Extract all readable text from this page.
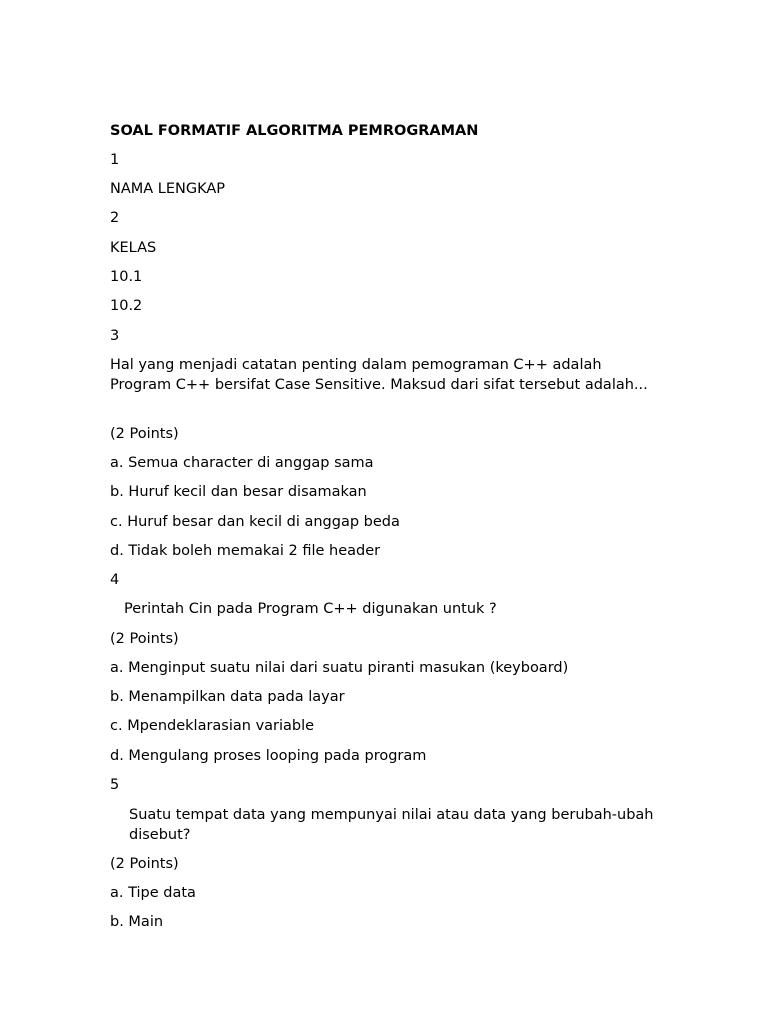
SOAL FORMATIF ALGORITMA PEMROGRAMAN
1
NAMA LENGKAP
2
KELAS
10.1
10.2
3
Hal yang menjadi catatan penting dalam pemograman C++ adalah Program C++ bersifat Case Sensitive. Maksud dari sifat tersebut adalah...
(2 Points)
a. Semua character di anggap sama
b. Huruf kecil dan besar disamakan
c. Huruf besar dan kecil di anggap beda
d. Tidak boleh memakai 2 file header
4
Perintah Cin pada Program C++ digunakan untuk ?
(2 Points)
a. Menginput suatu nilai dari suatu piranti masukan (keyboard)
b. Menampilkan data pada layar
c. Mpendeklarasian variable
d. Mengulang proses looping pada program
5
Suatu tempat data yang mempunyai nilai atau data yang berubah-ubah disebut?
(2 Points)
a. Tipe data
b. Main
